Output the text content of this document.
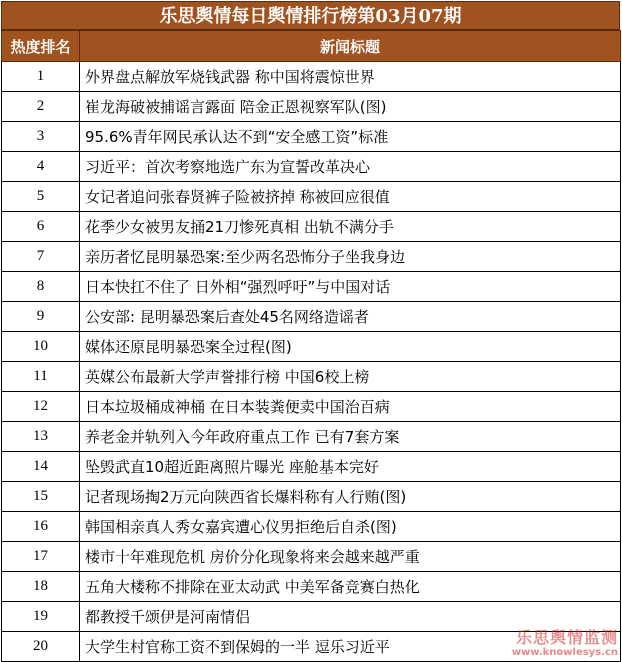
乐思舆情每日舆情排行榜第03月07期
热度排名	新闻标题
1	外界盘点解放军烧钱武器 称中国将震惊世界
2	崔龙海破被捕谣言露面 陪金正恩视察军队(图)
3	95.6%青年网民承认达不到“安全感工资”标准
4	习近平：首次考察地选广东为宣誓改革决心
5	女记者追问张春贤裤子险被挤掉 称被回应很值
6	花季少女被男友捅21刀惨死真相 出轨不满分手
7	亲历者忆昆明暴恐案:至少两名恐怖分子坐我身边
8	日本快扛不住了 日外相“强烈呼吁”与中国对话
9	公安部: 昆明暴恐案后查处45名网络造谣者
10	媒体还原昆明暴恐案全过程(图)
11	英媒公布最新大学声誉排行榜 中国6校上榜
12	日本垃圾桶成神桶 在日本装粪便卖中国治百病
13	养老金并轨列入今年政府重点工作 已有7套方案
14	坠毁武直10超近距离照片曝光 座舱基本完好
15	记者现场掏2万元向陕西省长爆料称有人行贿(图)
16	韩国相亲真人秀女嘉宾遭心仪男拒绝后自杀(图)
17	楼市十年难现危机 房价分化现象将来会越来越严重
18	五角大楼称不排除在亚太动武 中美军备竞赛白热化
19	都教授千颂伊是河南情侣
20	大学生村官称工资不到保姆的一半 逗乐习近平	乐思舆情监测
www.knowlesys.cn
